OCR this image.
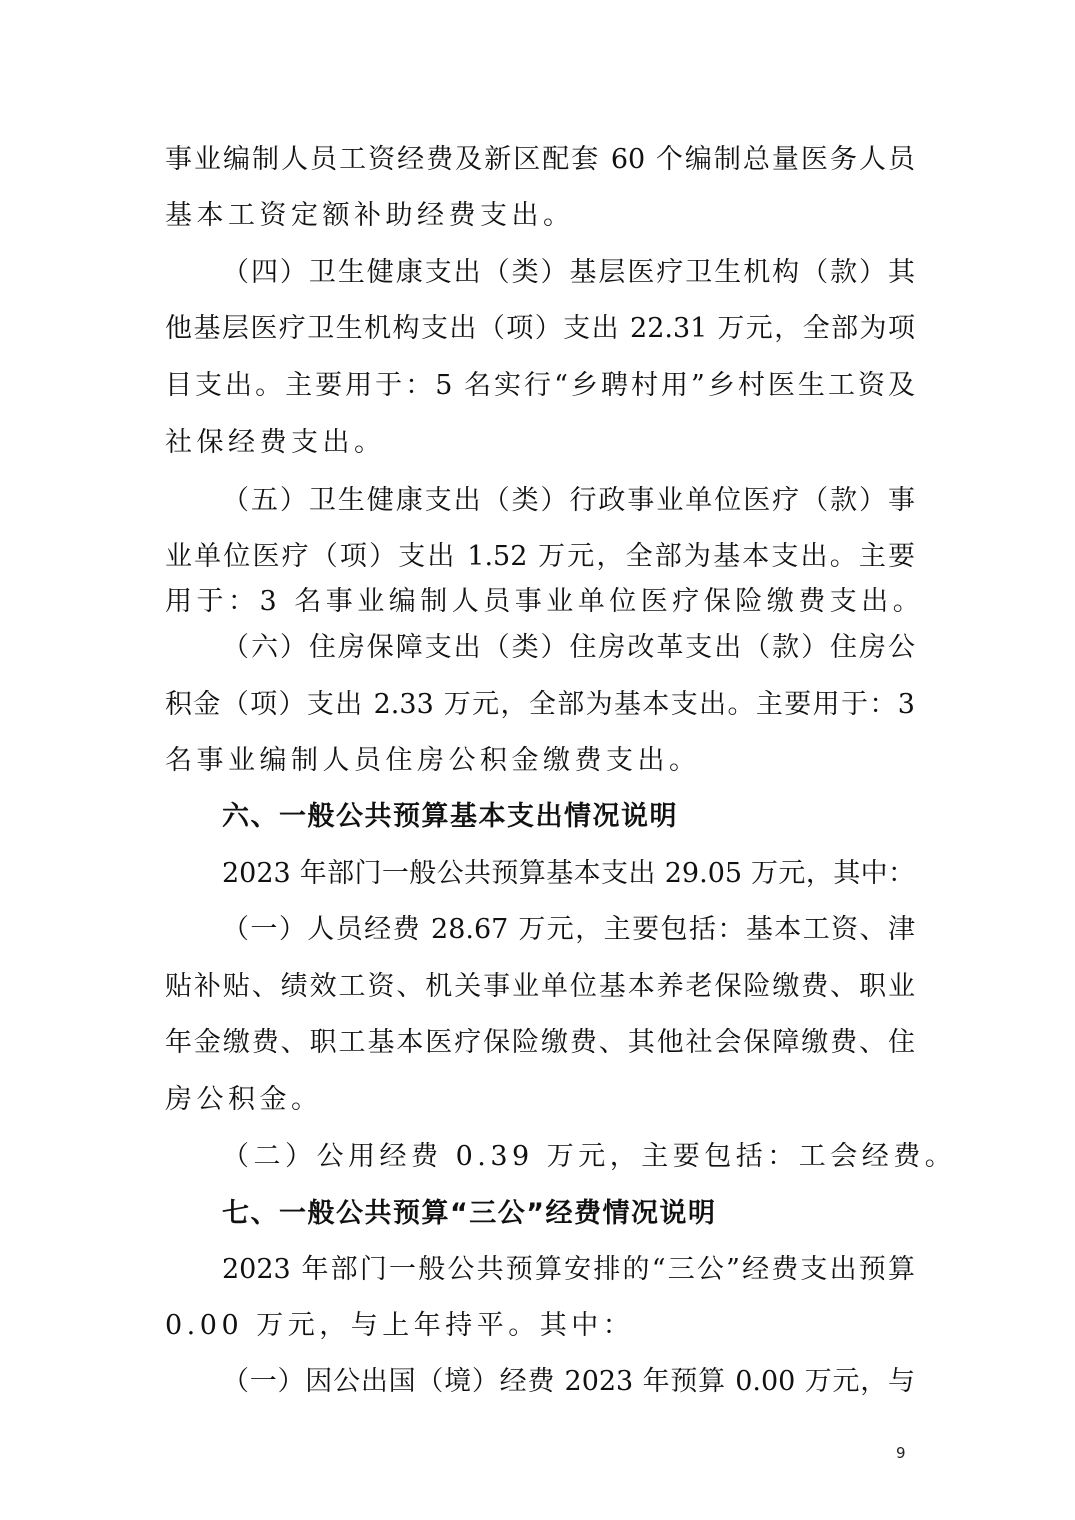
事业编制人员工资经费及新区配套 60 个编制总量医务人员
基本工资定额补助经费支出。
（四）卫生健康支出（类）基层医疗卫生机构（款）其
他基层医疗卫生机构支出（项）支出 22.31 万元，全部为项
目支出。主要用于：5 名实行“乡聘村用”乡村医生工资及
社保经费支出。
（五）卫生健康支出（类）行政事业单位医疗（款）事
业单位医疗（项）支出 1.52 万元，全部为基本支出。主要
用于：3 名事业编制人员事业单位医疗保险缴费支出。
（六）住房保障支出（类）住房改革支出（款）住房公
积金（项）支出 2.33 万元，全部为基本支出。主要用于：3
名事业编制人员住房公积金缴费支出。
六、一般公共预算基本支出情况说明
2023 年部门一般公共预算基本支出 29.05 万元，其中：
（一）人员经费 28.67 万元，主要包括：基本工资、津
贴补贴、绩效工资、机关事业单位基本养老保险缴费、职业
年金缴费、职工基本医疗保险缴费、其他社会保障缴费、住
房公积金。
（二）公用经费 0.39 万元，主要包括：工会经费。
七、一般公共预算“三公”经费情况说明
2023 年部门一般公共预算安排的“三公”经费支出预算
0.00 万元，与上年持平。其中：
（一）因公出国（境）经费 2023 年预算 0.00 万元，与
9
